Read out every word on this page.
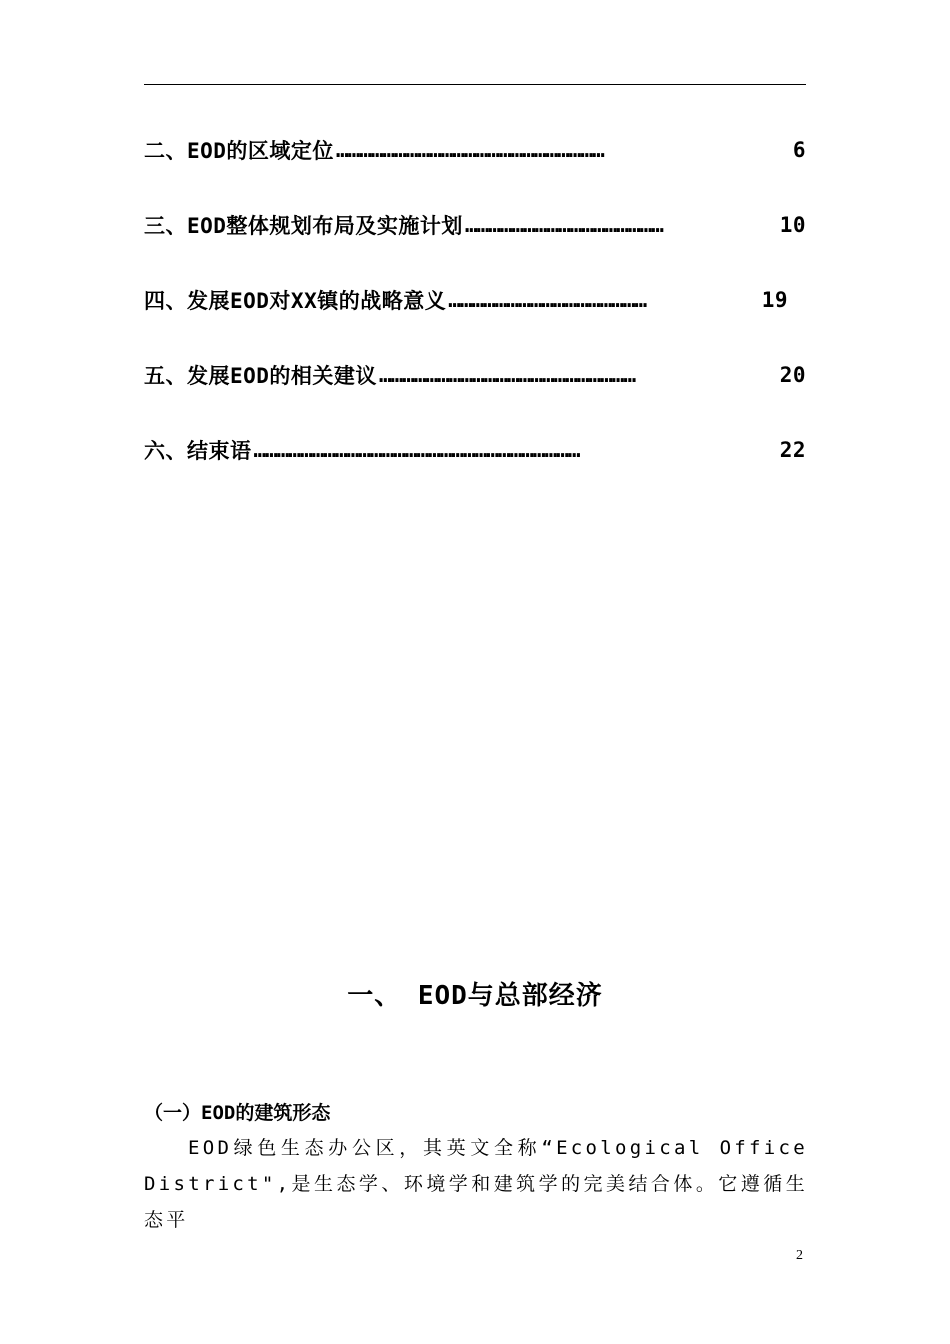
二、EOD的区域定位 ……………………………………………………………	6
三、EOD整体规划布局及实施计划 ……………………………………………	10
四、发展EOD对XX镇的战略意义 ……………………………………………	19
五、发展EOD的相关建议 …………………………………………………………	20
六、结束语 …………………………………………………………………………	22
一、 EOD与总部经济
（一）EOD的建筑形态
EOD绿色生态办公区，其英文全称“Ecological Office District",是生态学、环境学和建筑学的完美结合体。它遵循生态平
2
